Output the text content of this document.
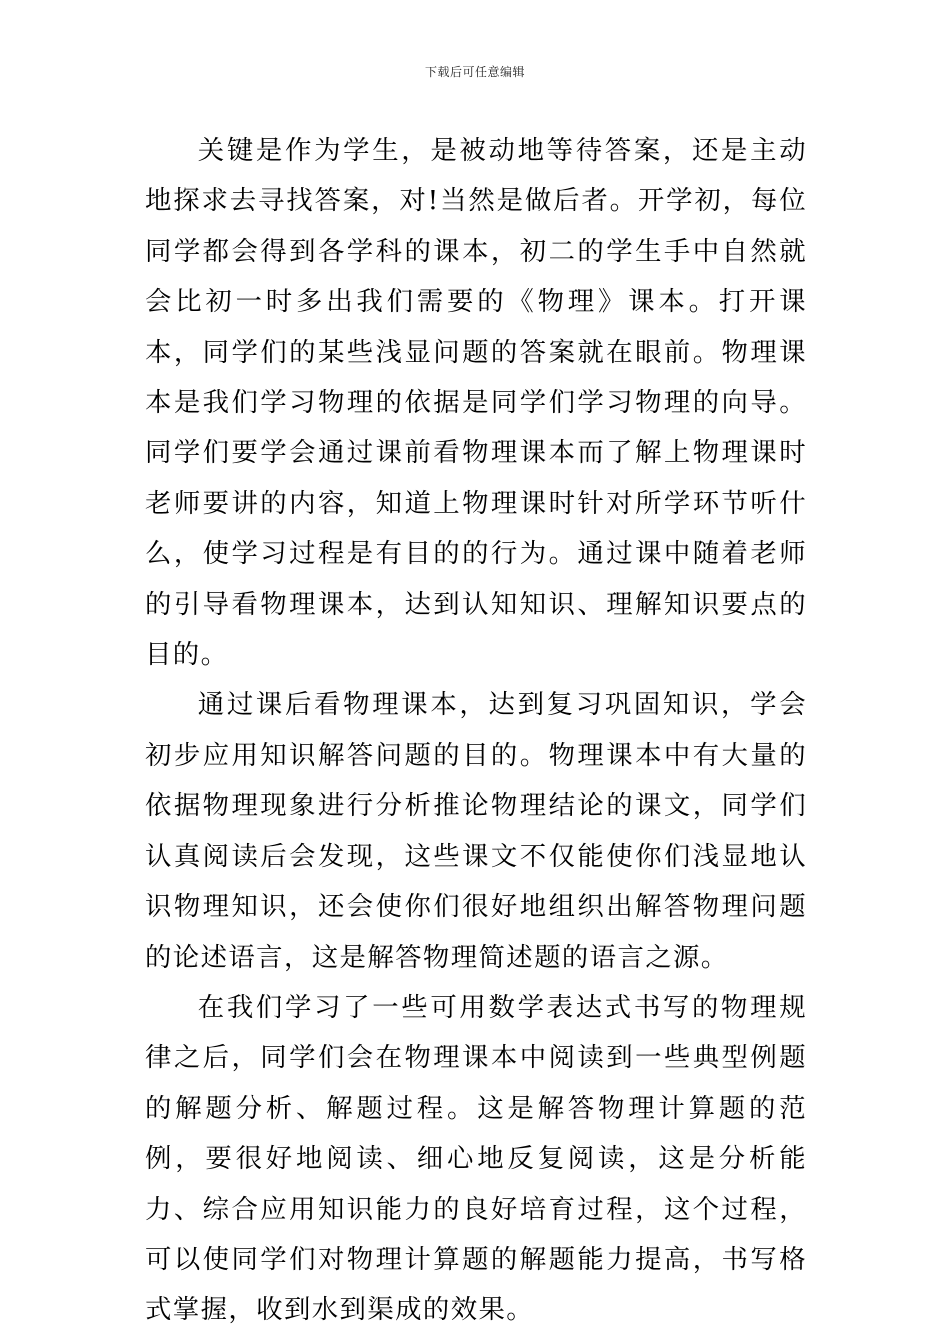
下载后可任意编辑

关键是作为学生，是被动地等待答案，还是主动地探求去寻找答案，对!当然是做后者。开学初，每位同学都会得到各学科的课本，初二的学生手中自然就会比初一时多出我们需要的《物理》课本。打开课本，同学们的某些浅显问题的答案就在眼前。物理课本是我们学习物理的依据是同学们学习物理的向导。同学们要学会通过课前看物理课本而了解上物理课时老师要讲的内容，知道上物理课时针对所学环节听什么，使学习过程是有目的的行为。通过课中随着老师的引导看物理课本，达到认知知识、理解知识要点的目的。

通过课后看物理课本，达到复习巩固知识，学会初步应用知识解答问题的目的。物理课本中有大量的依据物理现象进行分析推论物理结论的课文，同学们认真阅读后会发现，这些课文不仅能使你们浅显地认识物理知识，还会使你们很好地组织出解答物理问题的论述语言，这是解答物理简述题的语言之源。

在我们学习了一些可用数学表达式书写的物理规律之后，同学们会在物理课本中阅读到一些典型例题的解题分析、解题过程。这是解答物理计算题的范例，要很好地阅读、细心地反复阅读，这是分析能力、综合应用知识能力的良好培育过程，这个过程，可以使同学们对物理计算题的解题能力提高，书写格式掌握，收到水到渠成的效果。
